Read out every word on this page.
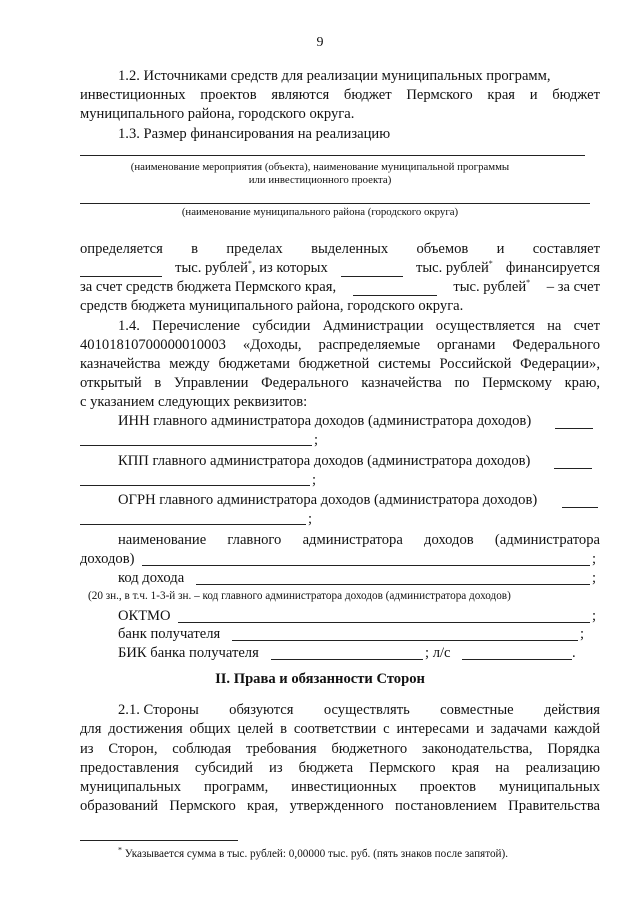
9
1.2. Источниками средств для реализации муниципальных программ,
инвестиционных проектов являются бюджет Пермского края и бюджет
муниципального района, городского округа.
1.3. Размер финансирования на реализацию
(наименование мероприятия (объекта), наименование муниципальной программы
или инвестиционного проекта)
(наименование муниципального района (городского округа)
определяется в пределах выделенных объемов и составляет
тыс. рублей*, из которых	тыс. рублей* финансируется
за счет средств бюджета Пермского края,	тыс. рублей* – за счет
средств бюджета муниципального района, городского округа.
1.4. Перечисление субсидии Администрации осуществляется на счет
40101810700000010003 «Доходы, распределяемые органами Федерального
казначейства между бюджетами бюджетной системы Российской Федерации»,
открытый в Управлении Федерального казначейства по Пермскому краю,
с указанием следующих реквизитов:
ИНН главного администратора доходов (администратора доходов)
;
КПП главного администратора доходов (администратора доходов)
;
ОГРН главного администратора доходов (администратора доходов)
;
наименование главного администратора доходов (администратора
доходов)	;
код дохода	;
(20 зн., в т.ч. 1-3-й зн. – код главного администратора доходов (администратора доходов)
ОКТМО	;
банк получателя	;
БИК банка получателя	; л/с	.
II. Права и обязанности Сторон
2.1. Стороны обязуются осуществлять совместные действия
для достижения общих целей в соответствии с интересами и задачами каждой
из Сторон, соблюдая требования бюджетного законодательства, Порядка
предоставления субсидий из бюджета Пермского края на реализацию
муниципальных программ, инвестиционных проектов муниципальных
образований Пермского края, утвержденного постановлением Правительства
* Указывается сумма в тыс. рублей: 0,00000 тыс. руб. (пять знаков после запятой).
